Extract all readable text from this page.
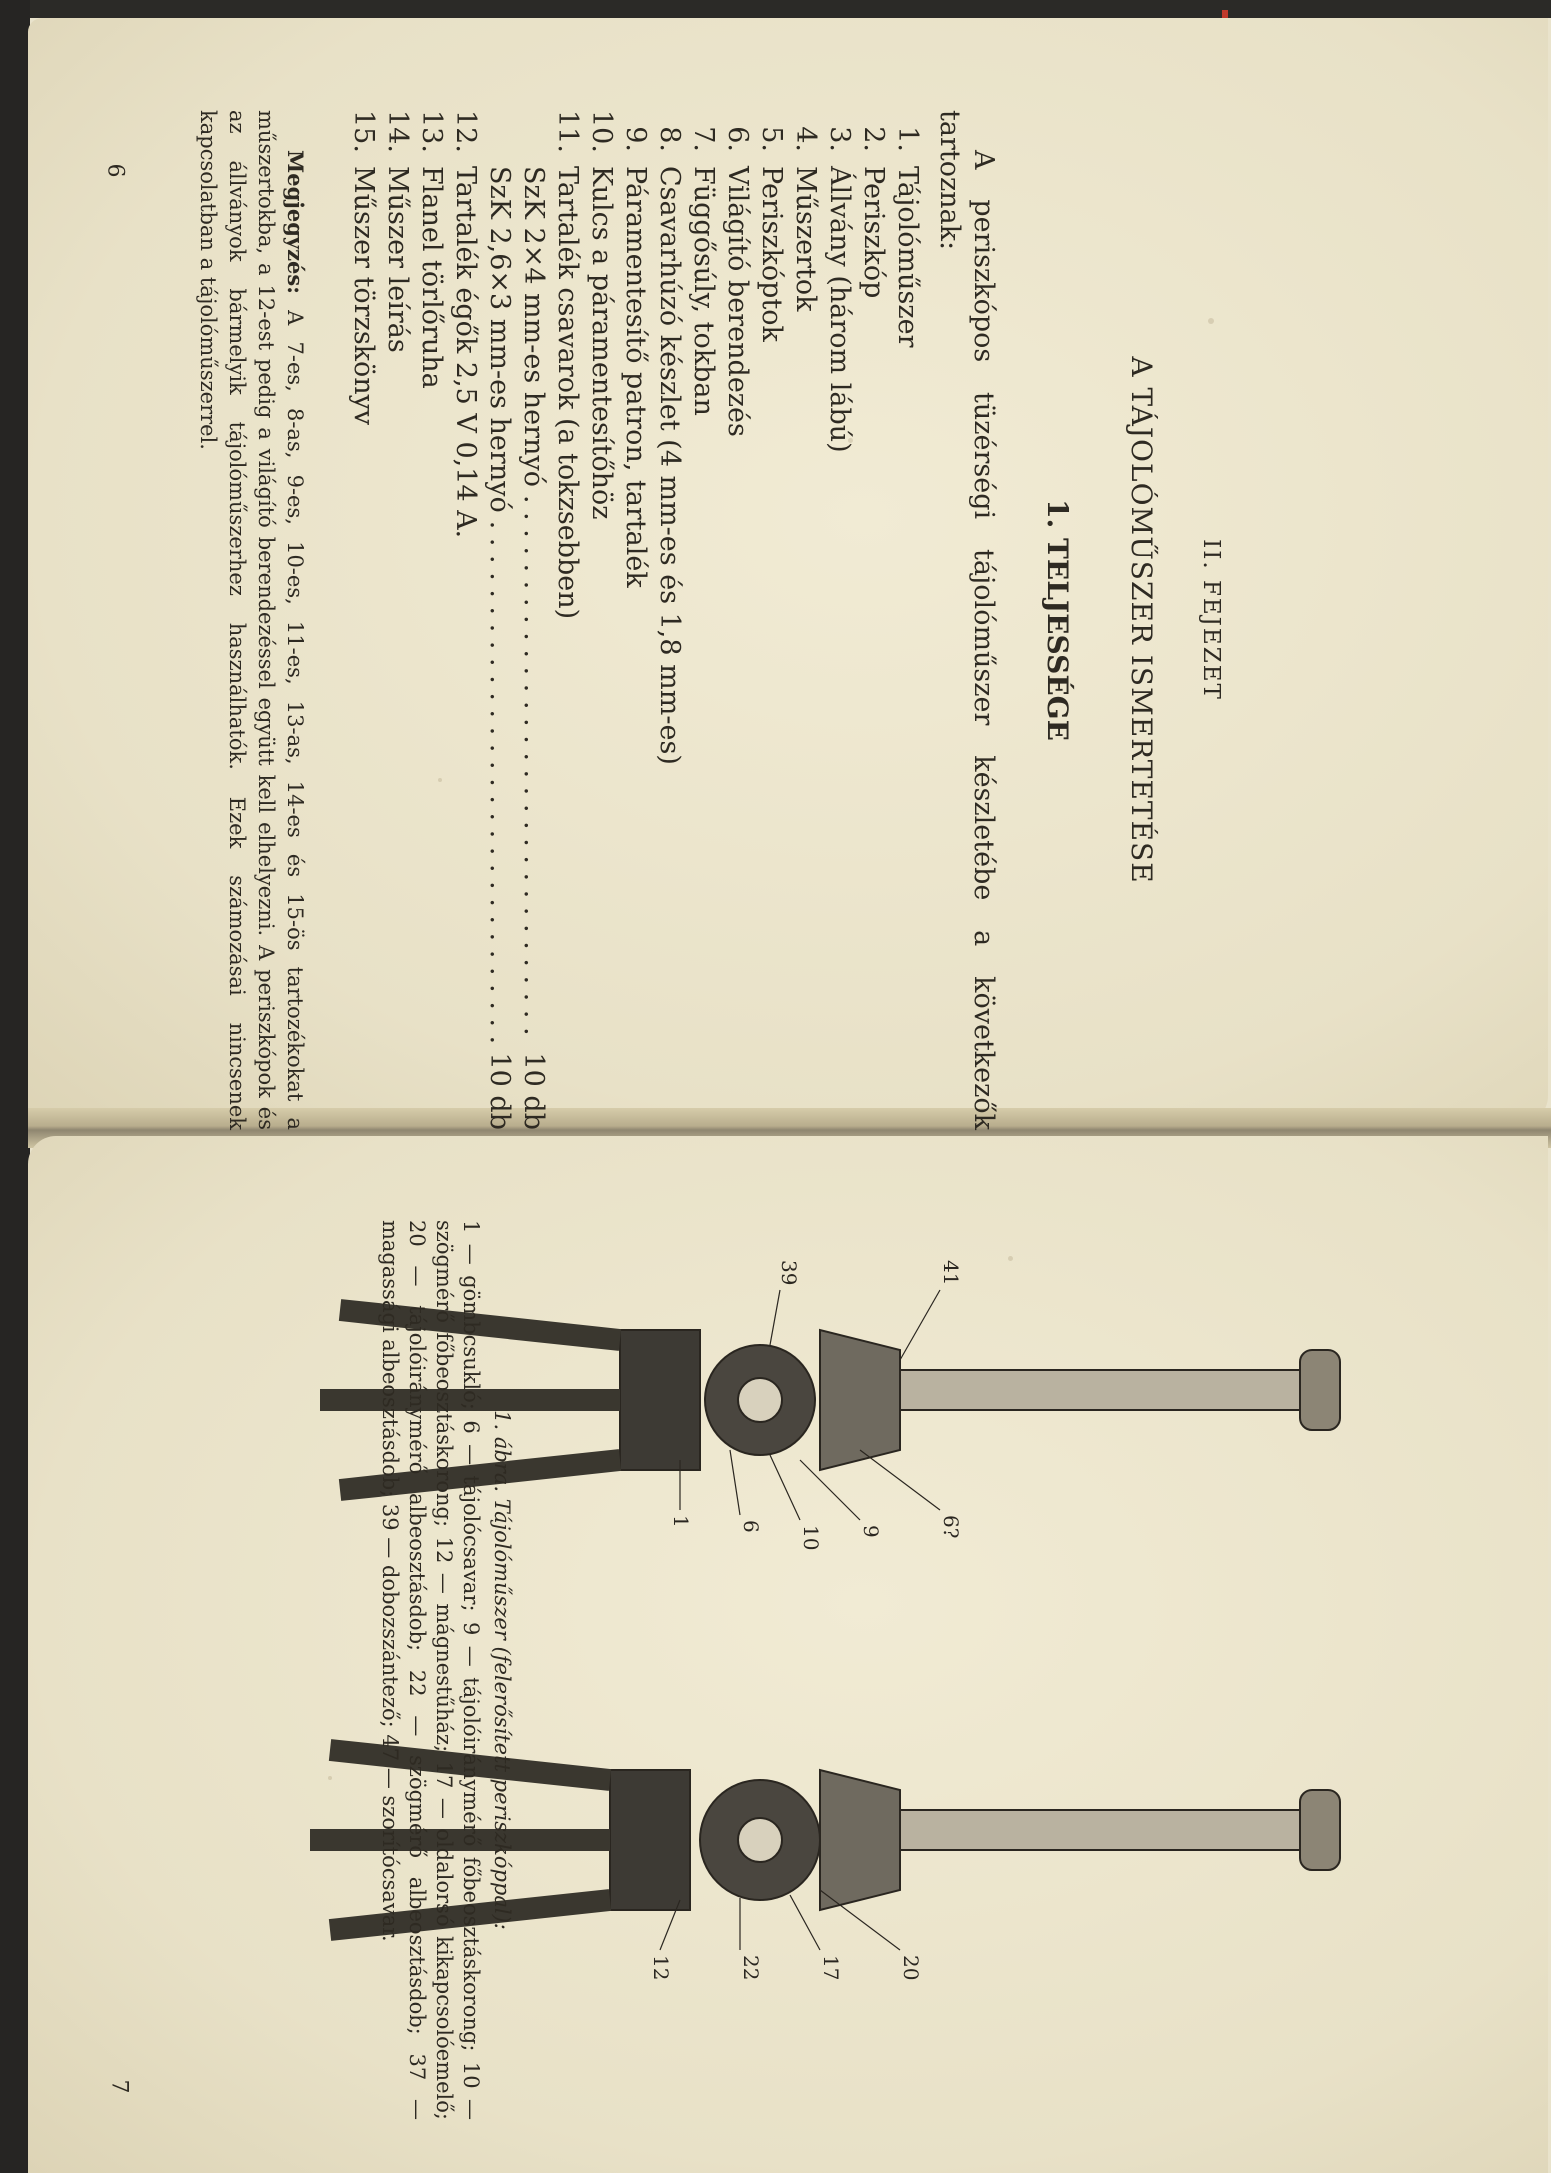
II. FEJEZET
A TÁJOLÓMŰSZER ISMERTETÉSE
1. TELJESSÉGE

A periszkópos tüzérségi tájolóműszer készletébe a következők tartoznak:

1.
Tájolóműszer
2.
Periszkóp
3.
Állvány (három lábú)
4.
Műszertok
5.
Periszkóptok
6.
Világító berendezés
7.
Függősúly, tokban
8.
Csavarhúzó készlet (4 mm-es és 1,8 mm-es)
9.
Páramentesítő patron, tartalék
10.
Kulcs a páramentesítőhöz
11.
Tartalék csavarok (a tokzsebben)
SzK 2×4 mm-es hernyó
. . .
10 db
SzK 2,6×3 mm-es hernyó
. . .
10 db
12.
Tartalék égők 2,5 V 0,14 A.
13.
Flanel törlőruha
14.
Műszer leírás
15.
Műszer törzskönyv

Megjegyzés: A 7-es, 8-as, 9-es, 10-es, 11-es, 13-as, 14-es és 15-ös tartozékokat a műszertokba, a 12-est pedig a világító berendezéssel együtt kell elhelyezni. A periszkópok és az állványok bármelyik tájolóműszerhez használhatók. Ezek számozásai nincsenek kapcsolatban a tájolóműszerrel.

6
6?
9
10
6
1
41
39
20
17
22
12
1. ábra. Tájolóműszer (felerősített periszkóppal):
1 — gömbcsukló; 6 — tájolócsavar; 9 — tájolóiránymérő főbeosztáskorong; 10 — szögmérő főbeosztáskorong; 12 — mágnestűház; 17 — oldalorsó kikapcsolóemelő; 20 — tájolóiránymérő albeosztásdob; 22 — szögmérő albeosztásdob; 37 — magassági albeosztásdob; 39 — dobozszántező; 47 — szorítócsavar.
7
